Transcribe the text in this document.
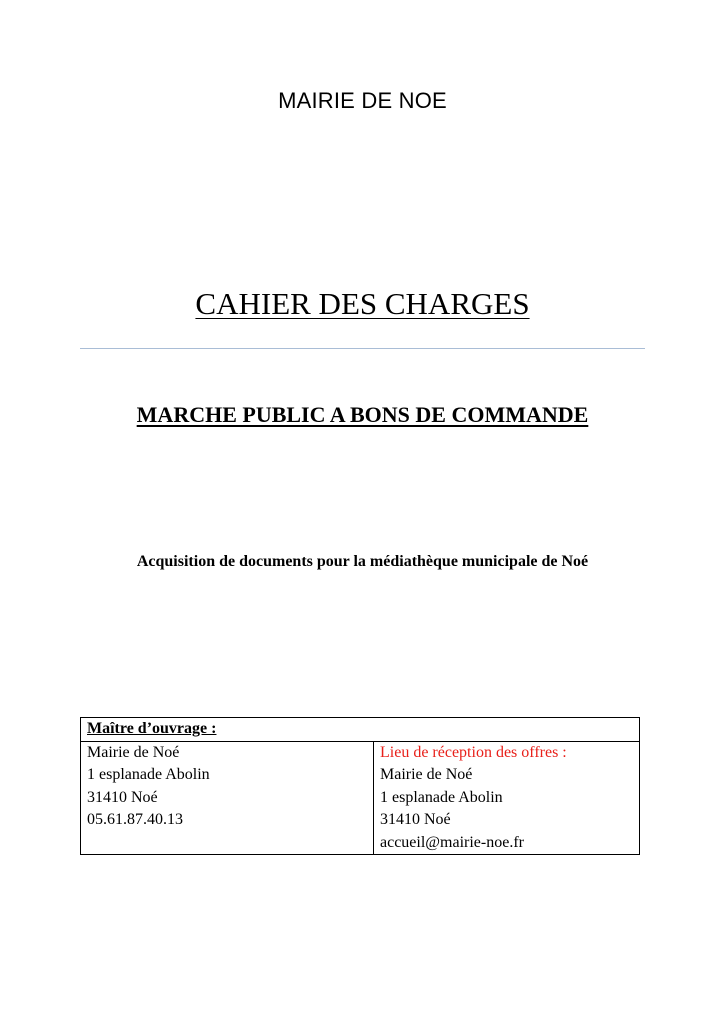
MAIRIE DE NOE
CAHIER DES CHARGES
MARCHE PUBLIC A BONS DE COMMANDE
Acquisition de documents pour la médiathèque municipale de Noé
Maître d’ouvrage :

Mairie de Noé
1 esplanade Abolin
31410 Noé
05.61.87.40.13

Lieu de réception des offres :
Mairie de Noé
1 esplanade Abolin
31410 Noé
accueil@mairie-noe.fr
